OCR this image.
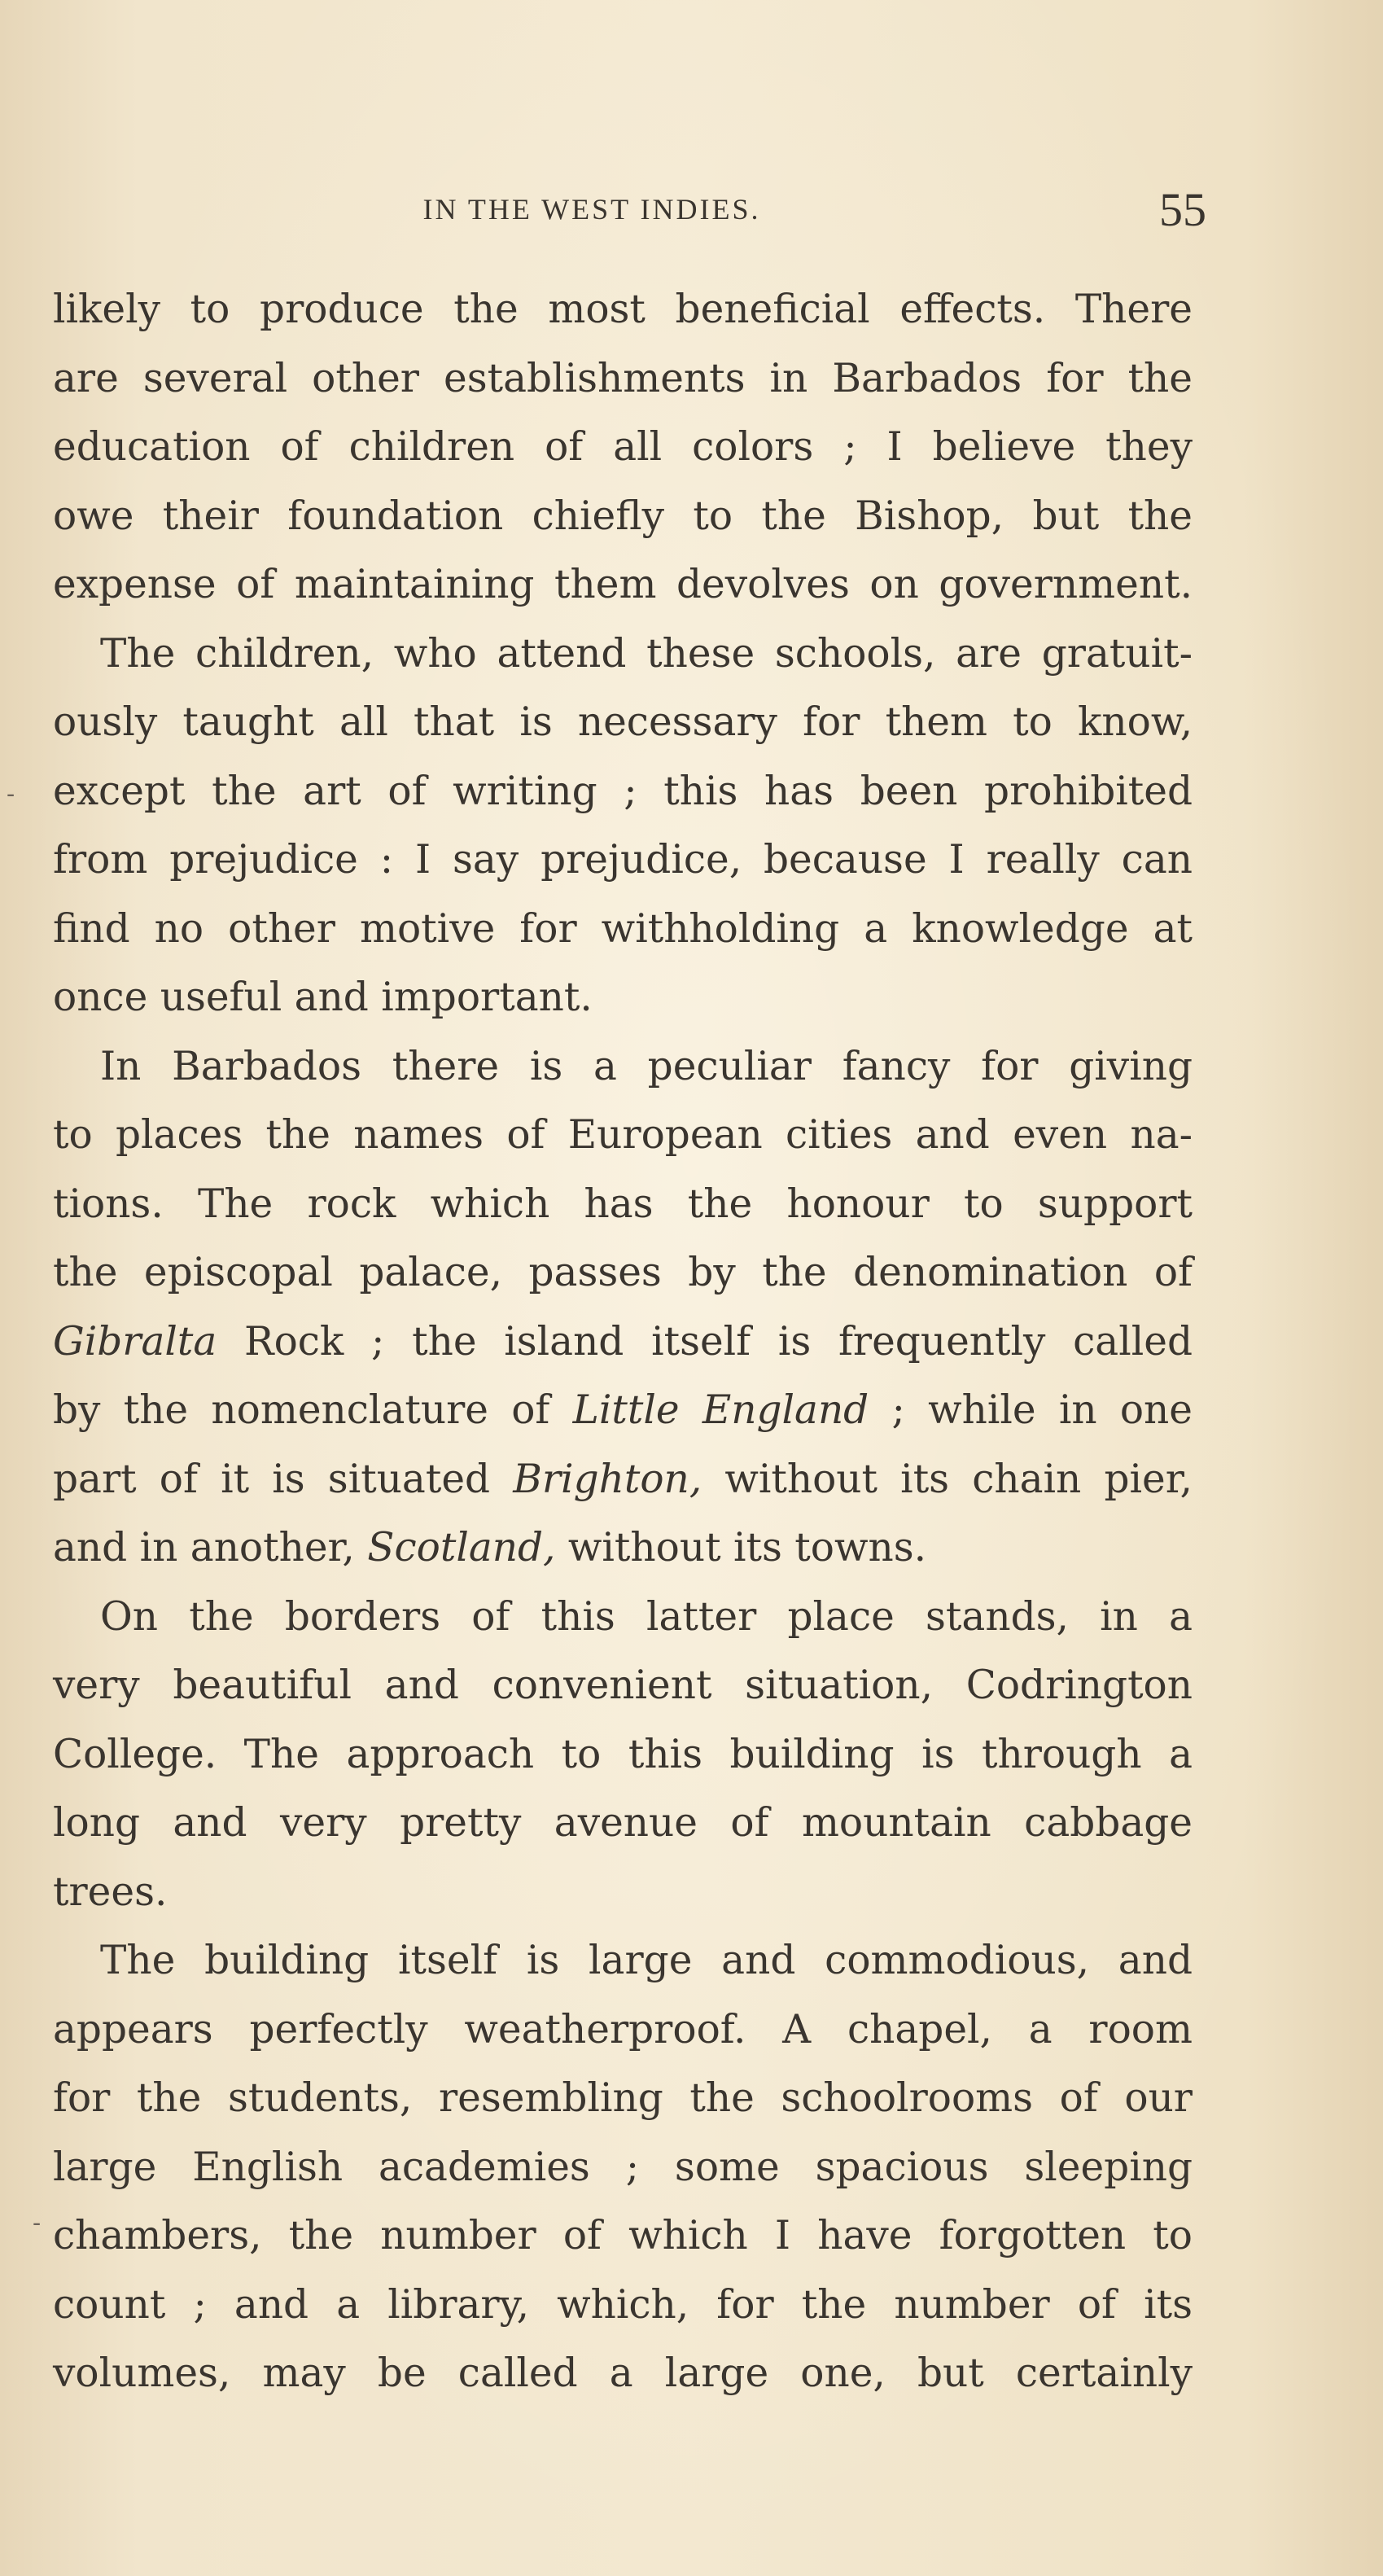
IN THE WEST INDIES.	55
-
-
likely to produce the most beneficial effects. There
are several other establishments in Barbados for the
education of children of all colors ; I believe they
owe their foundation chiefly to the Bishop, but the
expense of maintaining them devolves on government.
The children, who attend these schools, are gratuit-
ously taught all that is necessary for them to know,
except the art of writing ; this has been prohibited
from prejudice : I say prejudice, because I really can
find no other motive for withholding a knowledge at
once useful and important.
In Barbados there is a peculiar fancy for giving
to places the names of European cities and even na-
tions. The rock which has the honour to support
the episcopal palace, passes by the denomination of
Gibralta Rock ; the island itself is frequently called
by the nomenclature of Little England ; while in one
part of it is situated Brighton, without its chain pier,
and in another, Scotland, without its towns.
On the borders of this latter place stands, in a
very beautiful and convenient situation, Codrington
College. The approach to this building is through a
long and very pretty avenue of mountain cabbage
trees.
The building itself is large and commodious, and
appears perfectly weatherproof. A chapel, a room
for the students, resembling the schoolrooms of our
large English academies ; some spacious sleeping
chambers, the number of which I have forgotten to
count ; and a library, which, for the number of its
volumes, may be called a large one, but certainly
